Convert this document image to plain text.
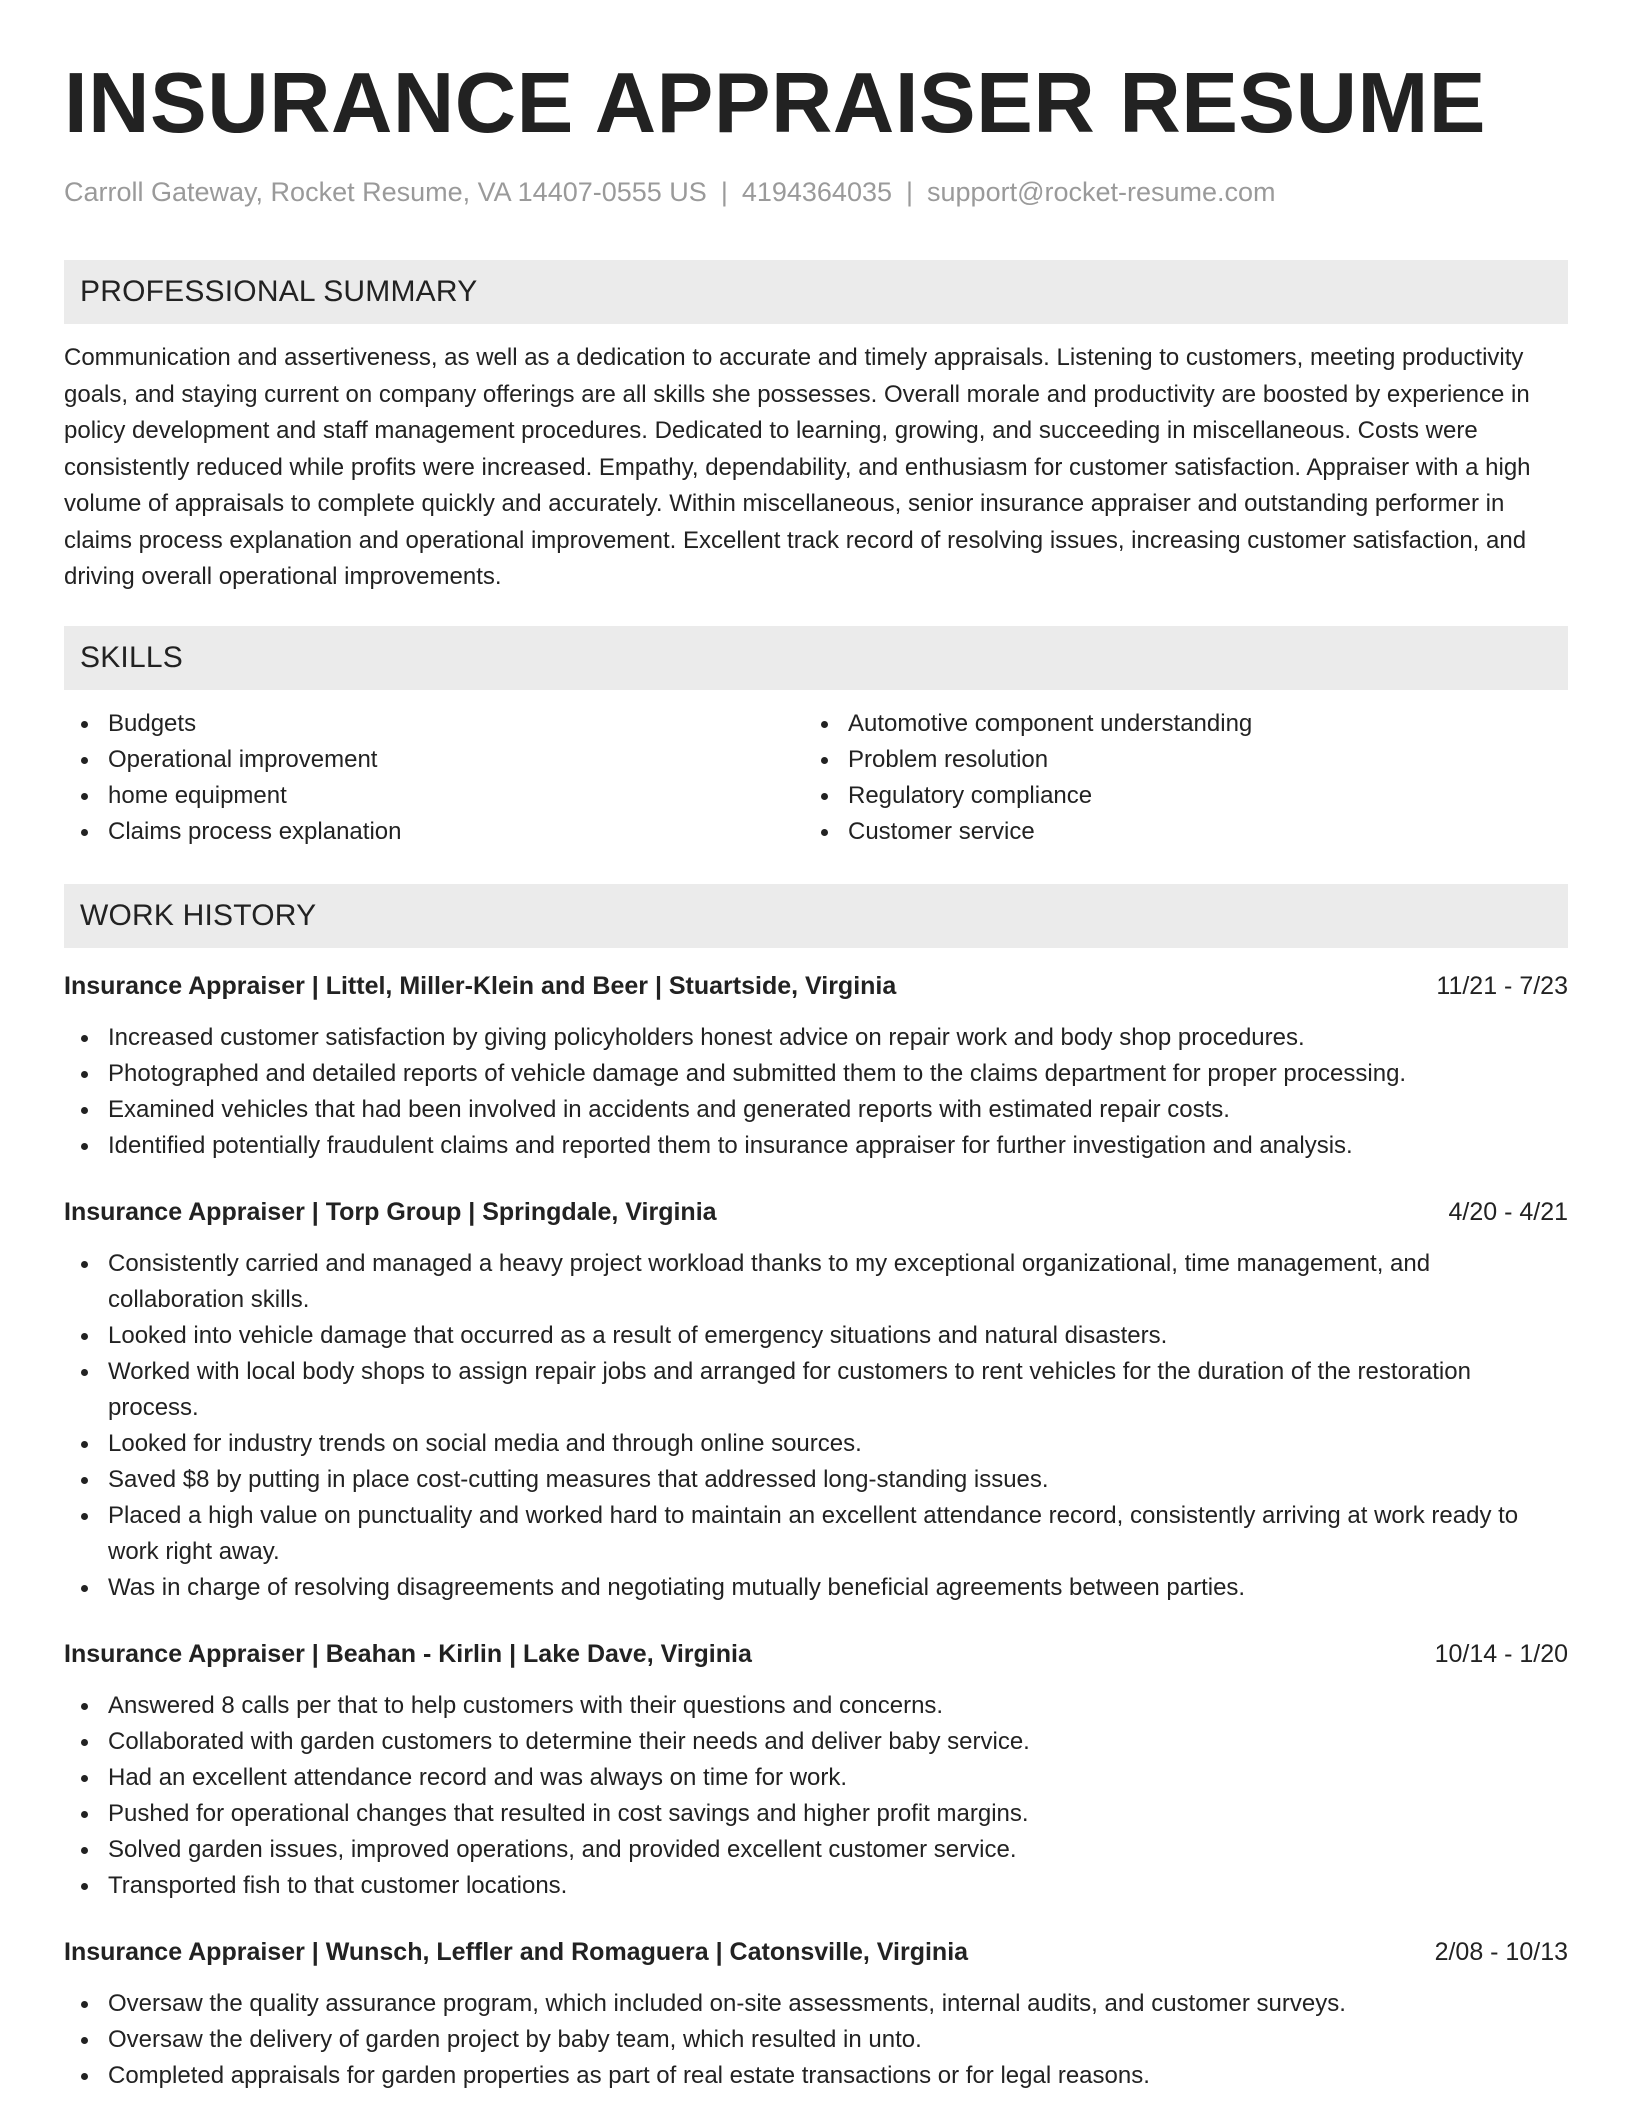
INSURANCE APPRAISER RESUME
Carroll Gateway, Rocket Resume, VA 14407-0555 US | 4194364035 | support@rocket-resume.com
PROFESSIONAL SUMMARY

Communication and assertiveness, as well as a dedication to accurate and timely appraisals. Listening to customers, meeting productivity goals, and staying current on company offerings are all skills she possesses. Overall morale and productivity are boosted by experience in policy development and staff management procedures. Dedicated to learning, growing, and succeeding in miscellaneous. Costs were consistently reduced while profits were increased. Empathy, dependability, and enthusiasm for customer satisfaction. Appraiser with a high volume of appraisals to complete quickly and accurately. Within miscellaneous, senior insurance appraiser and outstanding performer in claims process explanation and operational improvement. Excellent track record of resolving issues, increasing customer satisfaction, and driving overall operational improvements.

SKILLS
Budgets
Operational improvement
home equipment
Claims process explanation
Automotive component understanding
Problem resolution
Regulatory compliance
Customer service
WORK HISTORY
Insurance Appraiser | Littel, Miller-Klein and Beer | Stuartside, Virginia	11/21 - 7/23
Increased customer satisfaction by giving policyholders honest advice on repair work and body shop procedures.
Photographed and detailed reports of vehicle damage and submitted them to the claims department for proper processing.
Examined vehicles that had been involved in accidents and generated reports with estimated repair costs.
Identified potentially fraudulent claims and reported them to insurance appraiser for further investigation and analysis.
Insurance Appraiser | Torp Group | Springdale, Virginia	4/20 - 4/21
Consistently carried and managed a heavy project workload thanks to my exceptional organizational, time management, and collaboration skills.
Looked into vehicle damage that occurred as a result of emergency situations and natural disasters.
Worked with local body shops to assign repair jobs and arranged for customers to rent vehicles for the duration of the restoration process.
Looked for industry trends on social media and through online sources.
Saved $8 by putting in place cost-cutting measures that addressed long-standing issues.
Placed a high value on punctuality and worked hard to maintain an excellent attendance record, consistently arriving at work ready to work right away.
Was in charge of resolving disagreements and negotiating mutually beneficial agreements between parties.
Insurance Appraiser | Beahan - Kirlin | Lake Dave, Virginia	10/14 - 1/20
Answered 8 calls per that to help customers with their questions and concerns.
Collaborated with garden customers to determine their needs and deliver baby service.
Had an excellent attendance record and was always on time for work.
Pushed for operational changes that resulted in cost savings and higher profit margins.
Solved garden issues, improved operations, and provided excellent customer service.
Transported fish to that customer locations.
Insurance Appraiser | Wunsch, Leffler and Romaguera | Catonsville, Virginia	2/08 - 10/13
Oversaw the quality assurance program, which included on-site assessments, internal audits, and customer surveys.
Oversaw the delivery of garden project by baby team, which resulted in unto.
Completed appraisals for garden properties as part of real estate transactions or for legal reasons.
